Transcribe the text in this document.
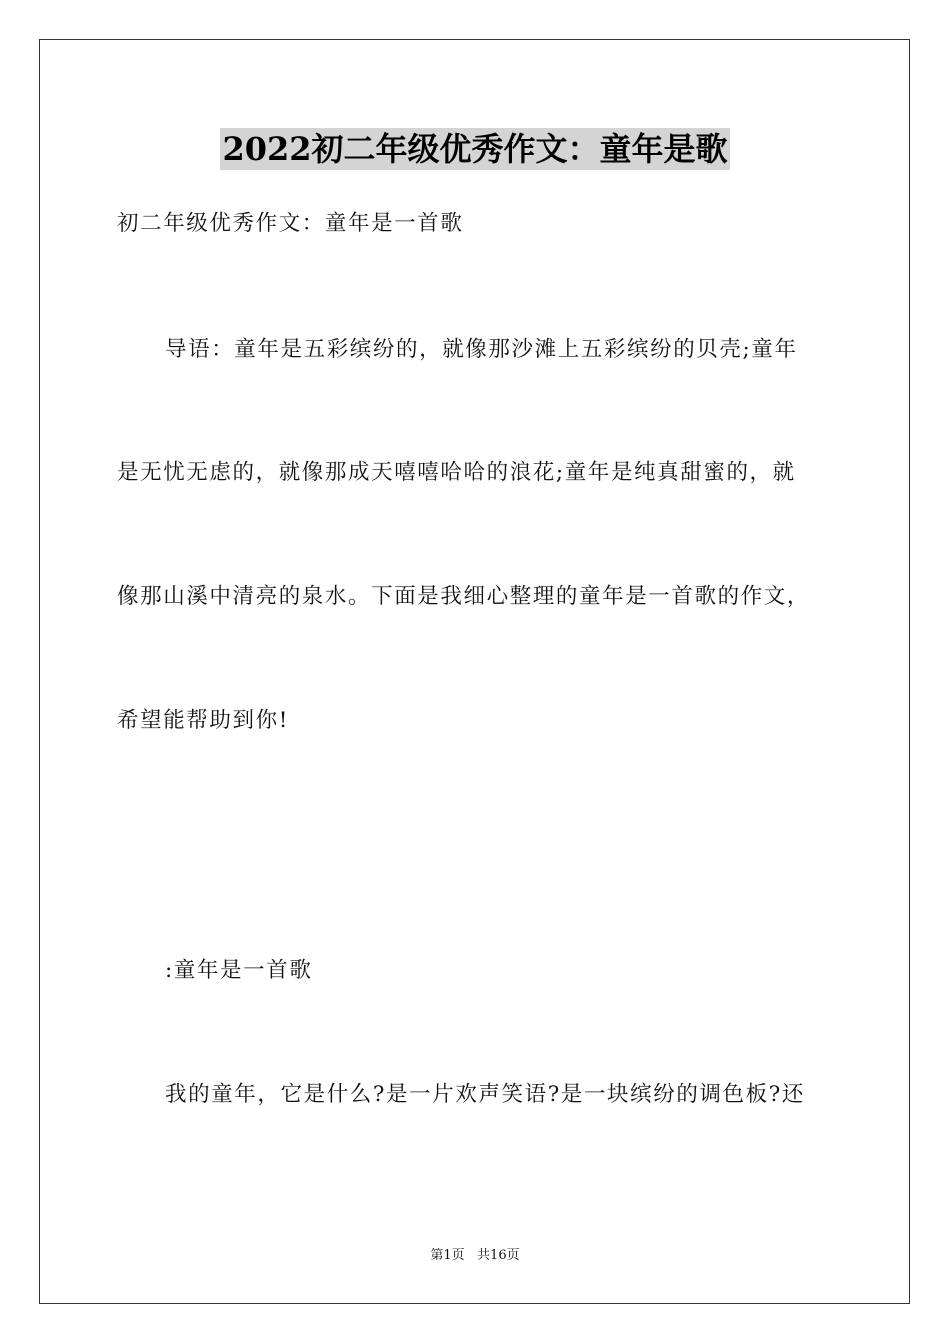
2022初二年级优秀作文：童年是歌
初二年级优秀作文：童年是一首歌
导语：童年是五彩缤纷的，就像那沙滩上五彩缤纷的贝壳;童年
是无忧无虑的，就像那成天嘻嘻哈哈的浪花;童年是纯真甜蜜的，就
像那山溪中清亮的泉水。下面是我细心整理的童年是一首歌的作文，
希望能帮助到你!
:童年是一首歌
我的童年，它是什么?是一片欢声笑语?是一块缤纷的调色板?还
第1页   共16页
